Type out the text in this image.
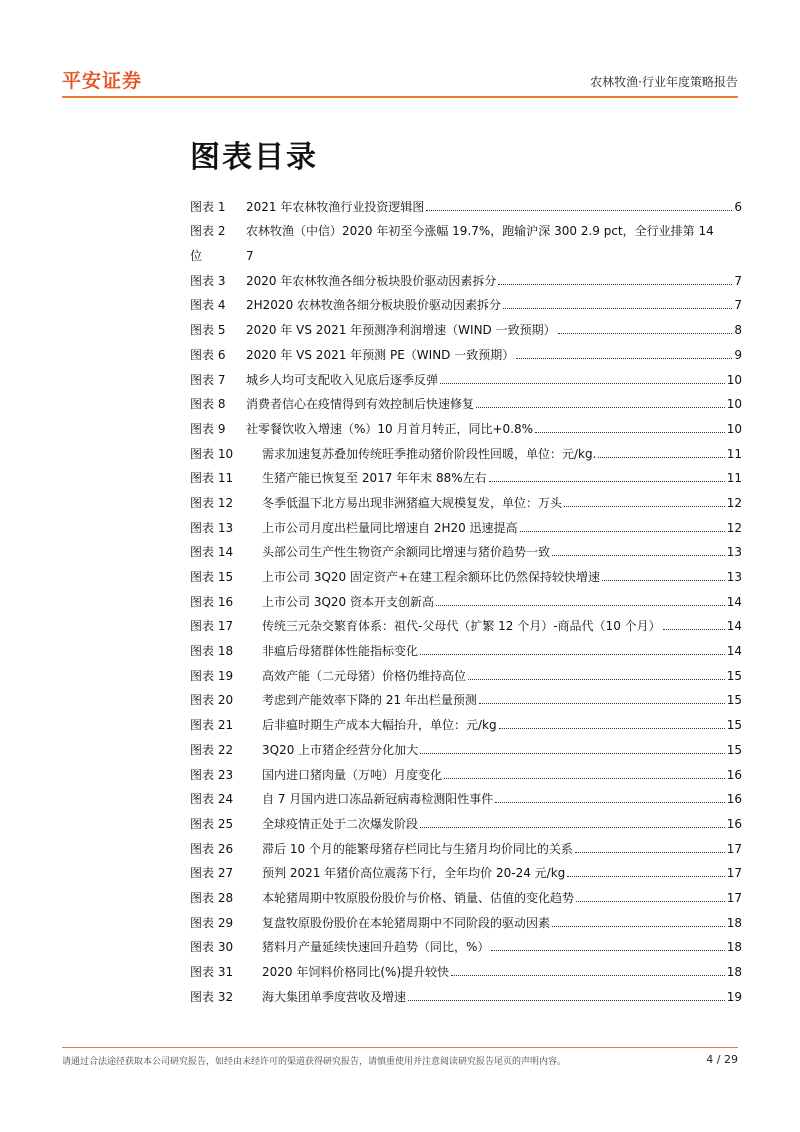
平安证券	农林牧渔·行业年度策略报告
图表目录
图表 1	2021 年农林牧渔行业投资逻辑图	6
图表 2	农林牧渔（中信）2020 年初至今涨幅 19.7%，跑输沪深 300 2.9 pct，全行业排第 14
位	7
图表 3	2020 年农林牧渔各细分板块股价驱动因素拆分	7
图表 4	2H2020 农林牧渔各细分板块股价驱动因素拆分	7
图表 5	2020 年 VS 2021 年预测净利润增速（WIND 一致预期）	8
图表 6	2020 年 VS 2021 年预测 PE（WIND 一致预期）	9
图表 7	城乡人均可支配收入见底后逐季反弹	10
图表 8	消费者信心在疫情得到有效控制后快速修复	10
图表 9	社零餐饮收入增速（%）10 月首月转正，同比+0.8%	10
图表 10	需求加速复苏叠加传统旺季推动猪价阶段性回暖，单位：元/kg.	11
图表 11	生猪产能已恢复至 2017 年年末 88%左右	11
图表 12	冬季低温下北方易出现非洲猪瘟大规模复发，单位：万头	12
图表 13	上市公司月度出栏量同比增速自 2H20 迅速提高	12
图表 14	头部公司生产性生物资产余额同比增速与猪价趋势一致	13
图表 15	上市公司 3Q20 固定资产+在建工程余额环比仍然保持较快增速	13
图表 16	上市公司 3Q20 资本开支创新高	14
图表 17	传统三元杂交繁育体系：祖代-父母代（扩繁 12 个月）-商品代（10 个月）	14
图表 18	非瘟后母猪群体性能指标变化	14
图表 19	高效产能（二元母猪）价格仍维持高位	15
图表 20	考虑到产能效率下降的 21 年出栏量预测	15
图表 21	后非瘟时期生产成本大幅抬升，单位：元/kg	15
图表 22	3Q20 上市猪企经营分化加大	15
图表 23	国内进口猪肉量（万吨）月度变化	16
图表 24	自 7 月国内进口冻品新冠病毒检测阳性事件	16
图表 25	全球疫情正处于二次爆发阶段	16
图表 26	滞后 10 个月的能繁母猪存栏同比与生猪月均价同比的关系	17
图表 27	预判 2021 年猪价高位震荡下行，全年均价 20-24 元/kg	17
图表 28	本轮猪周期中牧原股份股价与价格、销量、估值的变化趋势	17
图表 29	复盘牧原股份股价在本轮猪周期中不同阶段的驱动因素	18
图表 30	猪料月产量延续快速回升趋势（同比，%）	18
图表 31	2020 年饲料价格同比(%)提升较快	18
图表 32	海大集团单季度营收及增速	19
请通过合法途径获取本公司研究报告，如经由未经许可的渠道获得研究报告，请慎重使用并注意阅读研究报告尾页的声明内容。	4 / 29
